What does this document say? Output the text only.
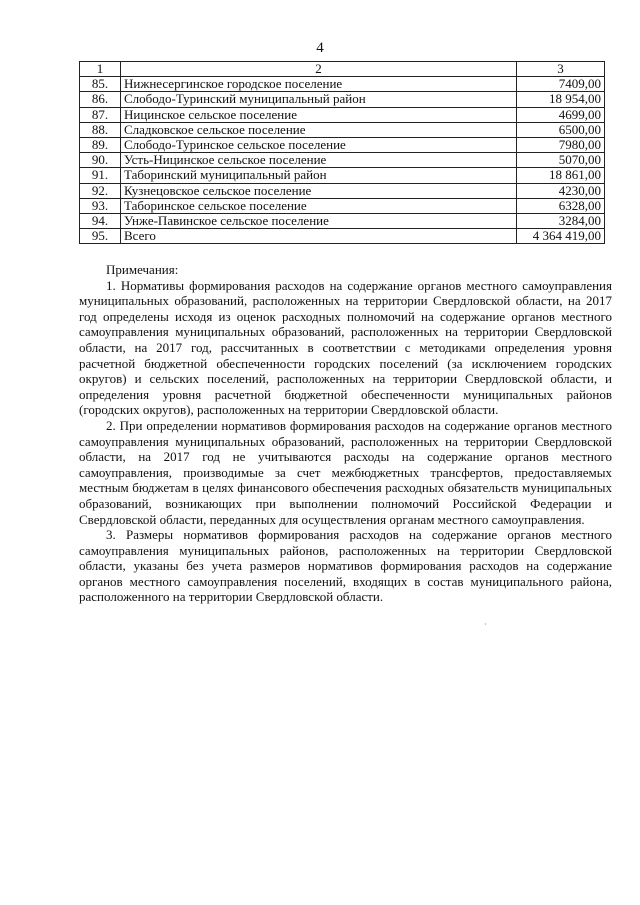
4
1	2	3
85.	Нижнесергинское городское поселение	7409,00
86.	Слободо-Туринский муниципальный район	18 954,00
87.	Ницинское сельское поселение	4699,00
88.	Сладковское сельское поселение	6500,00
89.	Слободо-Туринское сельское поселение	7980,00
90.	Усть-Ницинское сельское поселение	5070,00
91.	Таборинский муниципальный район	18 861,00
92.	Кузнецовское сельское поселение	4230,00
93.	Таборинское сельское поселение	6328,00
94.	Унже-Павинское сельское поселение	3284,00
95.	Всего	4 364 419,00

Примечания:

1. Нормативы формирования расходов на содержание органов местного самоуправления муниципальных образований, расположенных на территории Свердловской области, на 2017 год определены исходя из оценок расходных полномочий на содержание органов местного самоуправления муниципальных образований, расположенных на территории Свердловской области, на 2017 год, рассчитанных в соответствии с методиками определения уровня расчетной бюджетной обеспеченности городских поселений (за исключением городских округов) и сельских поселений, расположенных на территории Свердловской области, и определения уровня расчетной бюджетной обеспеченности муниципальных районов (городских округов), расположенных на территории Свердловской области.

2. При определении нормативов формирования расходов на содержание органов местного самоуправления муниципальных образований, расположенных на территории Свердловской области, на 2017 год не учитываются расходы на содержание органов местного самоуправления, производимые за счет межбюджетных трансфертов, предоставляемых местным бюджетам в целях финансового обеспечения расходных обязательств муниципальных образований, возникающих при выполнении полномочий Российской Федерации и Свердловской области, переданных для осуществления органам местного самоуправления.

3. Размеры нормативов формирования расходов на содержание органов местного самоуправления муниципальных районов, расположенных на территории Свердловской области, указаны без учета размеров нормативов формирования расходов на содержание органов местного самоуправления поселений, входящих в состав муниципального района, расположенного на территории Свердловской области.

·
